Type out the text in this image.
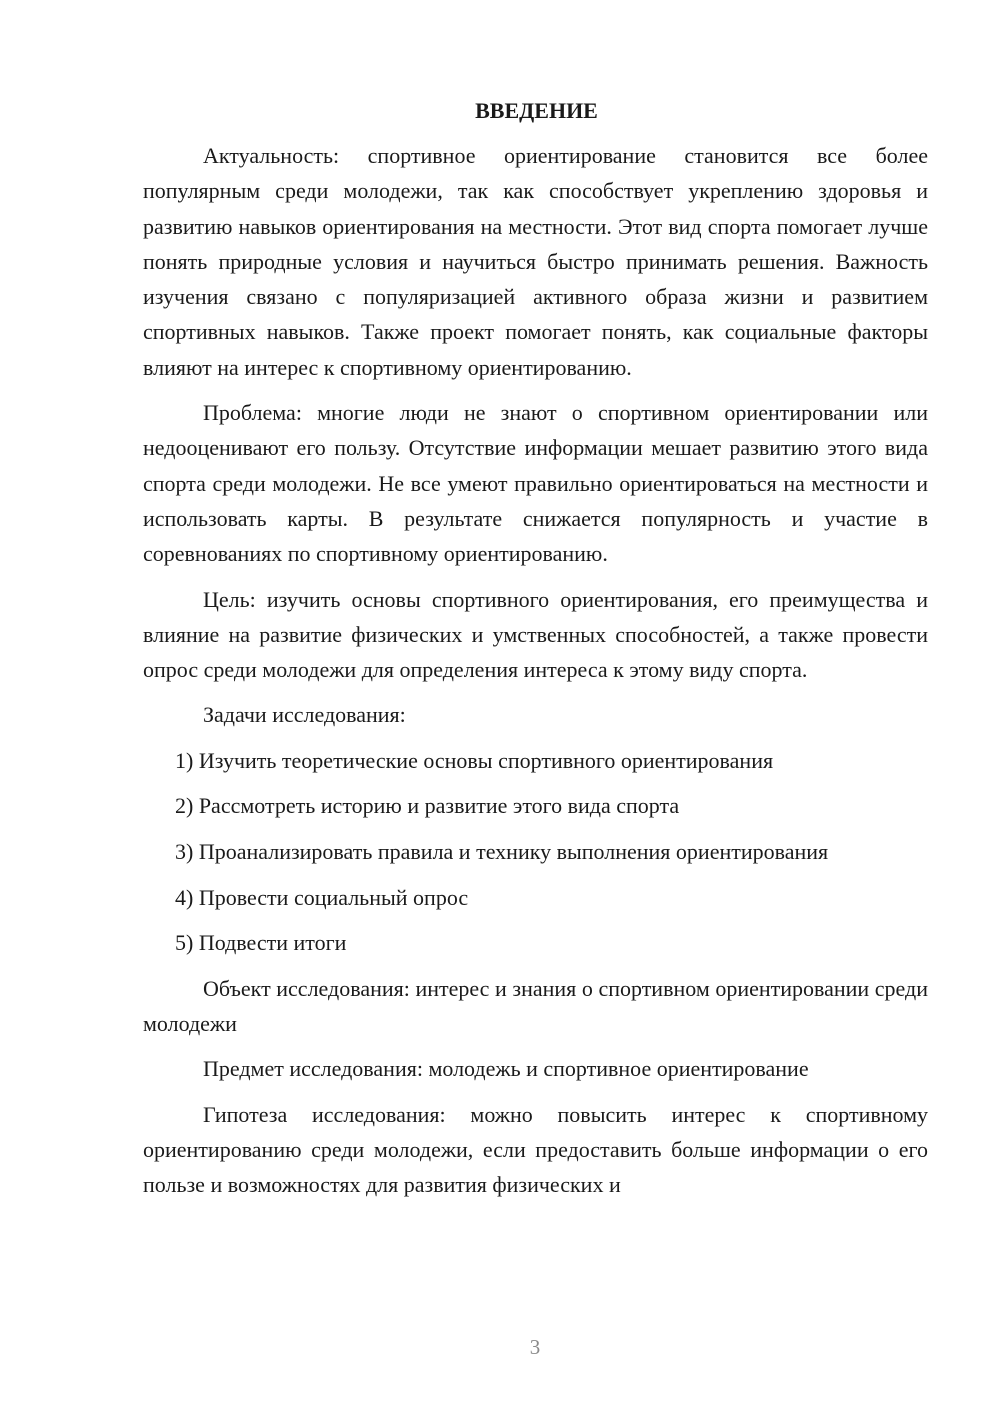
ВВЕДЕНИЕ

Актуальность: спортивное ориентирование становится все более популярным среди молодежи, так как способствует укреплению здоровья и развитию навыков ориентирования на местности. Этот вид спорта помогает лучше понять природные условия и научиться быстро принимать решения. Важность изучения связано с популяризацией активного образа жизни и развитием спортивных навыков. Также проект помогает понять, как социальные факторы влияют на интерес к спортивному ориентированию.

Проблема: многие люди не знают о спортивном ориентировании или недооценивают его пользу. Отсутствие информации мешает развитию этого вида спорта среди молодежи. Не все умеют правильно ориентироваться на местности и использовать карты. В результате снижается популярность и участие в соревнованиях по спортивному ориентированию.

Цель: изучить основы спортивного ориентирования, его преимущества и влияние на развитие физических и умственных способностей, а также провести опрос среди молодежи для определения интереса к этому виду спорта.

Задачи исследования:

1) Изучить теоретические основы спортивного ориентирования
2) Рассмотреть историю и развитие этого вида спорта
3) Проанализировать правила и технику выполнения ориентирования
4) Провести социальный опрос
5) Подвести итоги

Объект исследования: интерес и знания о спортивном ориентировании среди молодежи

Предмет исследования: молодежь и спортивное ориентирование

Гипотеза исследования: можно повысить интерес к спортивному ориентированию среди молодежи, если предоставить больше информации о его пользе и возможностях для развития физических и

3
